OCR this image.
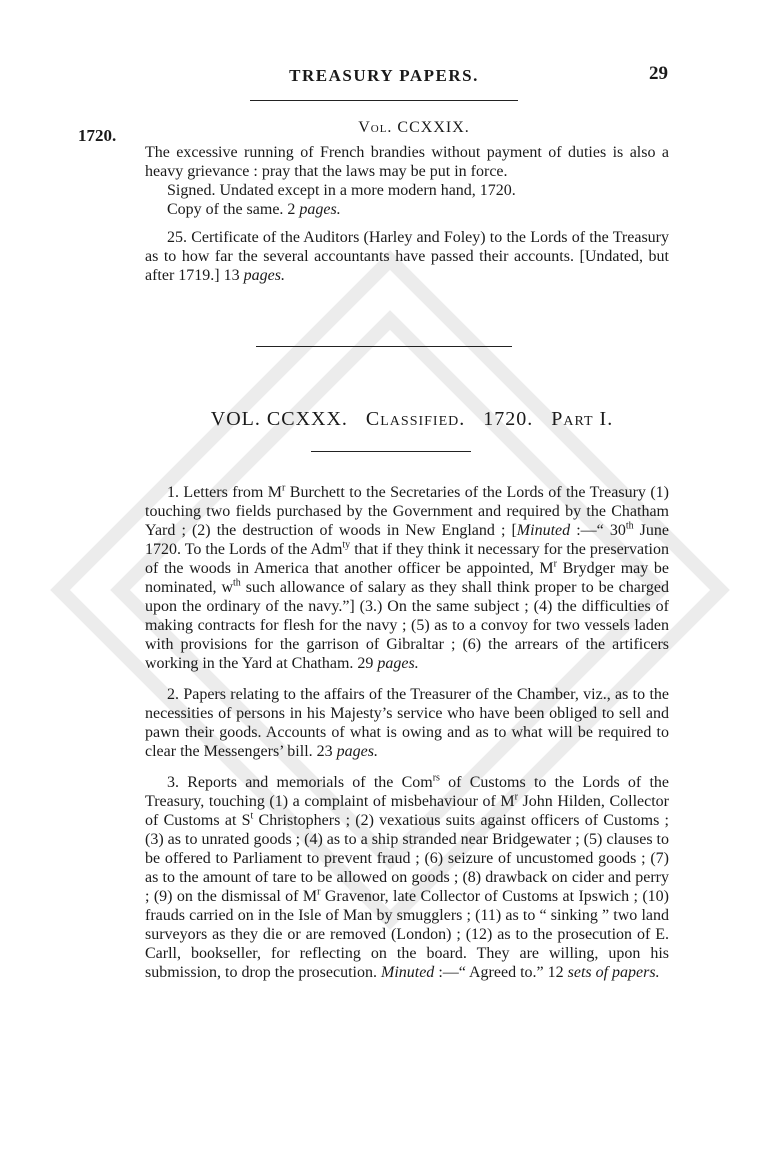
TREASURY PAPERS.	29
1720.	Vol. CCXXIX.

The excessive running of French brandies without payment of duties is also a heavy grievance : pray that the laws may be put in force.

Signed. Undated except in a more modern hand, 1720.

Copy of the same. 2 pages.

25. Certificate of the Auditors (Harley and Foley) to the Lords of the Treasury as to how far the several accountants have passed their accounts. [Undated, but after 1719.] 13 pages.

VOL. CCXXX. Classified. 1720. Part I.

1. Letters from $M^r$ Burchett to the Secretaries of the Lords of the Treasury (1) touching two fields purchased by the Government and required by the Chatham Yard ; (2) the destruction of woods in New England ; [Minuted :—“ 30th June 1720. To the Lords of the Adm$^{ty}$ that if they think it necessary for the preservation of the woods in America that another officer be appointed, $M^r$ Brydger may be nominated, $w^{th}$ such allowance of salary as they shall think proper to be charged upon the ordinary of the navy.”] (3.) On the same subject ; (4) the difficulties of making contracts for flesh for the navy ; (5) as to a convoy for two vessels laden with provisions for the garrison of Gibraltar ; (6) the arrears of the artificers working in the Yard at Chatham. 29 pages.

2. Papers relating to the affairs of the Treasurer of the Chamber, viz., as to the necessities of persons in his Majesty’s service who have been obliged to sell and pawn their goods. Accounts of what is owing and as to what will be required to clear the Messengers’ bill. 23 pages.

3. Reports and memorials of the Com$^{rs}$ of Customs to the Lords of the Treasury, touching (1) a complaint of misbehaviour of $M^r$ John Hilden, Collector of Customs at $S^t$ Christophers ; (2) vexatious suits against officers of Customs ; (3) as to unrated goods ; (4) as to a ship stranded near Bridgewater ; (5) clauses to be offered to Parliament to prevent fraud ; (6) seizure of uncustomed goods ; (7) as to the amount of tare to be allowed on goods ; (8) drawback on cider and perry ; (9) on the dismissal of $M^r$ Gravenor, late Collector of Customs at Ipswich ; (10) frauds carried on in the Isle of Man by smugglers ; (11) as to “ sinking ” two land surveyors as they die or are removed (London) ; (12) as to the prosecution of E. Carll, bookseller, for reflecting on the board. They are willing, upon his submission, to drop the prosecution. Minuted :—“ Agreed to.” 12 sets of papers.
